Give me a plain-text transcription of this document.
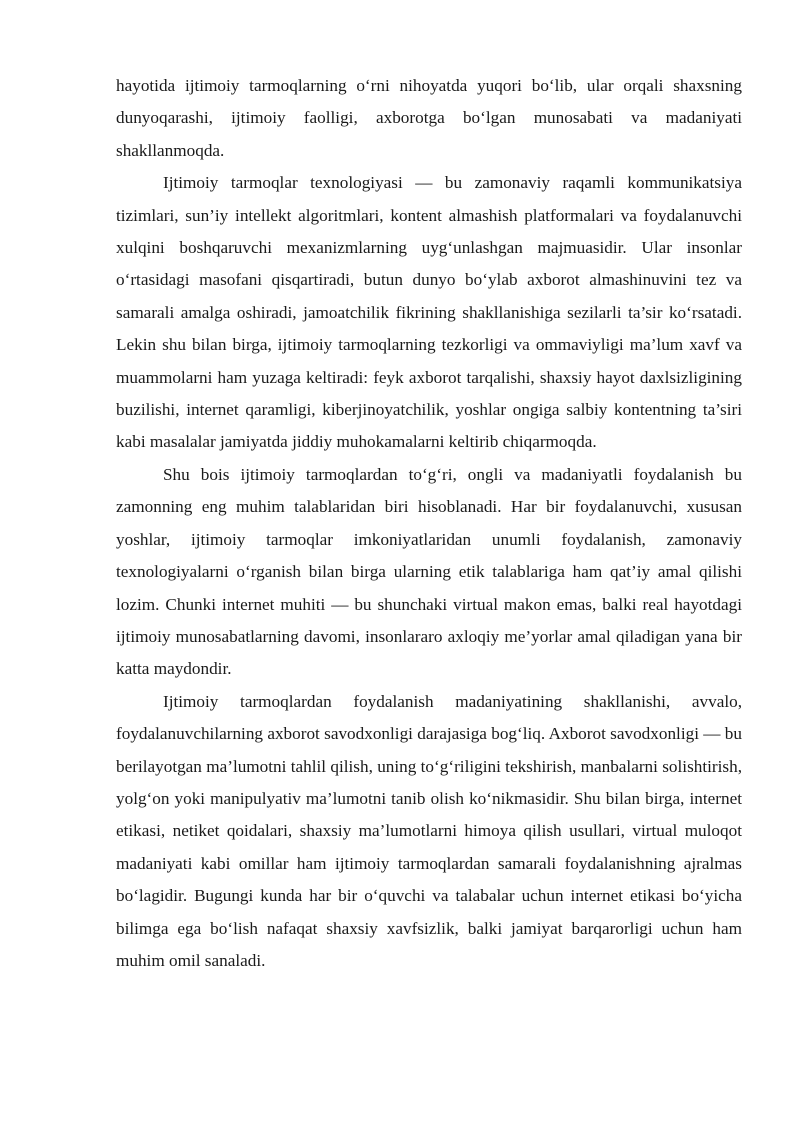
hayotida ijtimoiy tarmoqlarning o‘rni nihoyatda yuqori bo‘lib, ular orqali shaxsning dunyoqarashi, ijtimoiy faolligi, axborotga bo‘lgan munosabati va madaniyati shakllanmoqda.

Ijtimoiy tarmoqlar texnologiyasi — bu zamonaviy raqamli kommunikatsiya tizimlari, sun’iy intellekt algoritmlari, kontent almashish platformalari va foydalanuvchi xulqini boshqaruvchi mexanizmlarning uyg‘unlashgan majmuasidir. Ular insonlar o‘rtasidagi masofani qisqartiradi, butun dunyo bo‘ylab axborot almashinuvini tez va samarali amalga oshiradi, jamoatchilik fikrining shakllanishiga sezilarli ta’sir ko‘rsatadi. Lekin shu bilan birga, ijtimoiy tarmoqlarning tezkorligi va ommaviyligi ma’lum xavf va muammolarni ham yuzaga keltiradi: feyk axborot tarqalishi, shaxsiy hayot daxlsizligining buzilishi, internet qaramligi, kiberjinoyatchilik, yoshlar ongiga salbiy kontentning ta’siri kabi masalalar jamiyatda jiddiy muhokamalarni keltirib chiqarmoqda.

Shu bois ijtimoiy tarmoqlardan to‘g‘ri, ongli va madaniyatli foydalanish bu zamonning eng muhim talablaridan biri hisoblanadi. Har bir foydalanuvchi, xususan yoshlar, ijtimoiy tarmoqlar imkoniyatlaridan unumli foydalanish, zamonaviy texnologiyalarni o‘rganish bilan birga ularning etik talablariga ham qat’iy amal qilishi lozim. Chunki internet muhiti — bu shunchaki virtual makon emas, balki real hayotdagi ijtimoiy munosabatlarning davomi, insonlararo axloqiy me’yorlar amal qiladigan yana bir katta maydondir.

Ijtimoiy tarmoqlardan foydalanish madaniyatining shakllanishi, avvalo, foydalanuvchilarning axborot savodxonligi darajasiga bog‘liq. Axborot savodxonligi — bu berilayotgan ma’lumotni tahlil qilish, uning to‘g‘riligini tekshirish, manbalarni solishtirish, yolg‘on yoki manipulyativ ma’lumotni tanib olish ko‘nikmasidir. Shu bilan birga, internet etikasi, netiket qoidalari, shaxsiy ma’lumotlarni himoya qilish usullari, virtual muloqot madaniyati kabi omillar ham ijtimoiy tarmoqlardan samarali foydalanishning ajralmas bo‘lagidir. Bugungi kunda har bir o‘quvchi va talabalar uchun internet etikasi bo‘yicha bilimga ega bo‘lish nafaqat shaxsiy xavfsizlik, balki jamiyat barqarorligi uchun ham muhim omil sanaladi.
